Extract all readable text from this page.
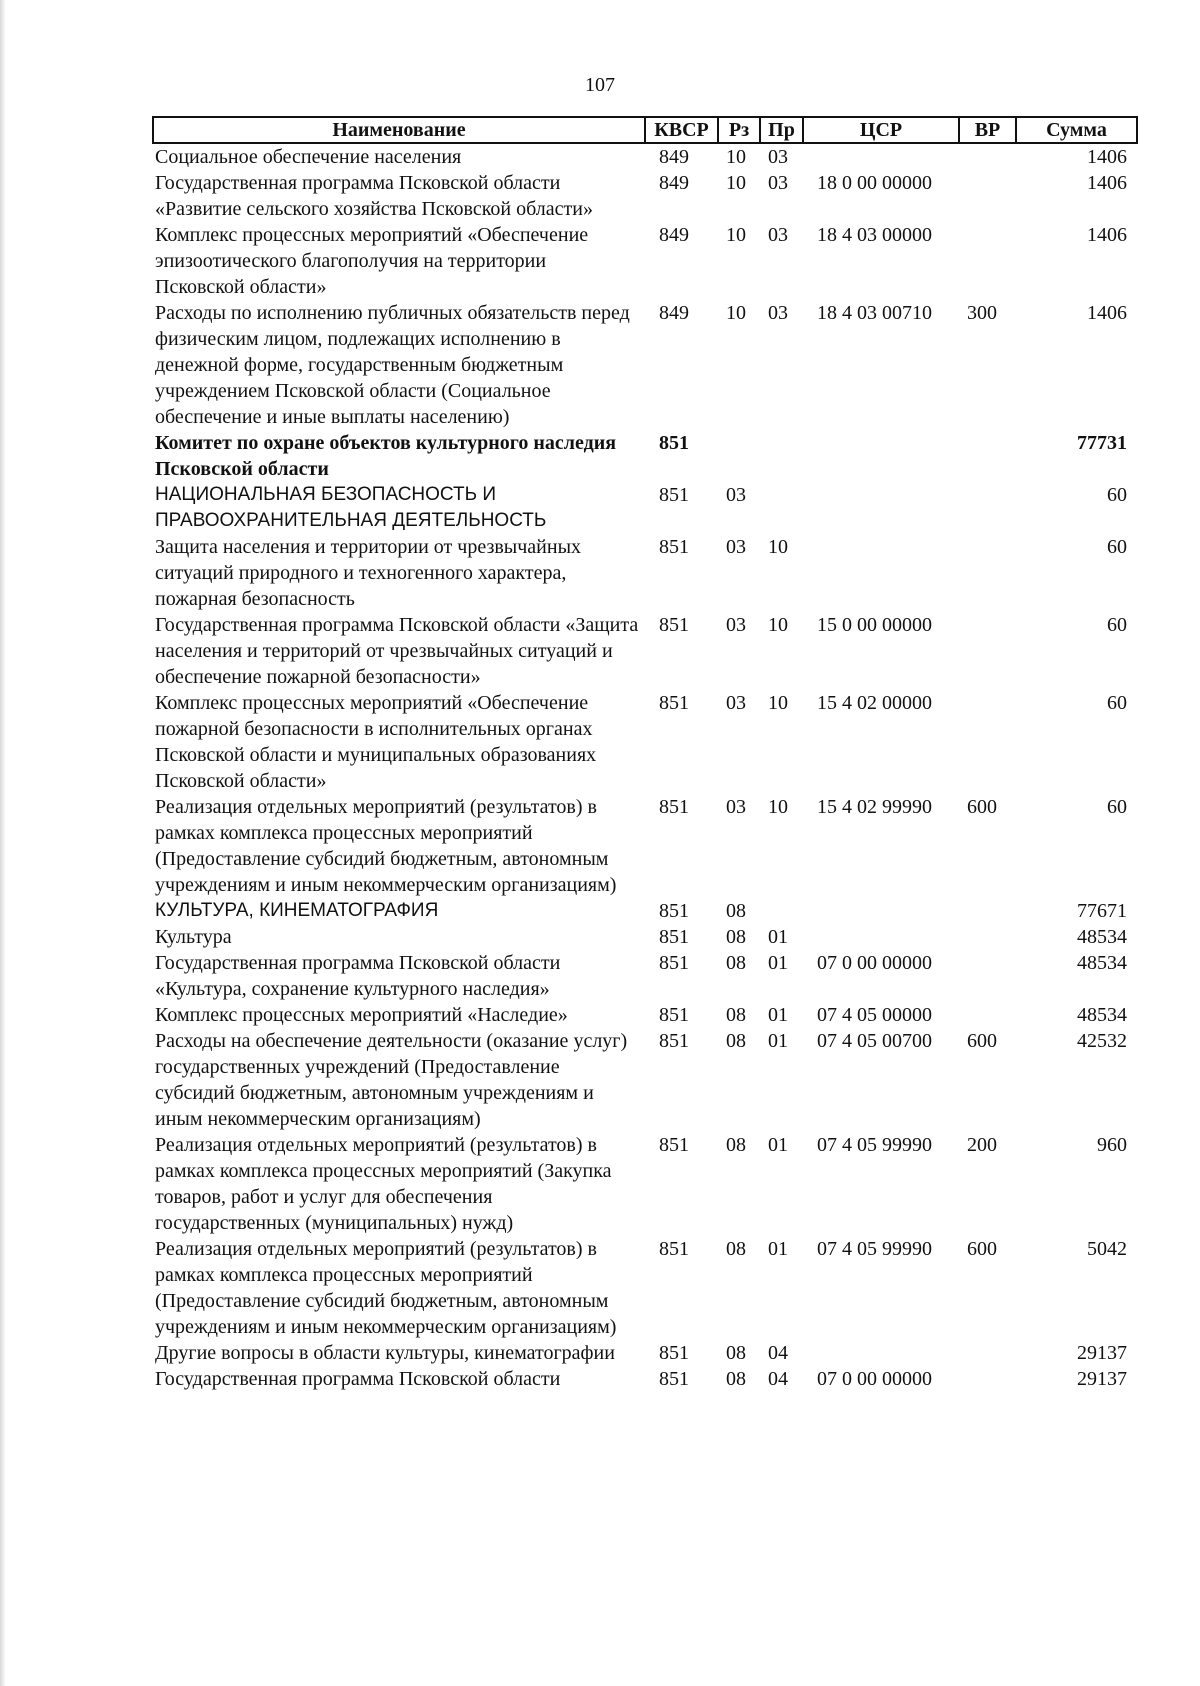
107
Наименование	КВСР	Рз	Пр	ЦСР	ВР	Сумма
Социальное обеспечение населения	849	10	03			1406
Государственная программа Псковской области «Развитие сельского хозяйства Псковской области»	849	10	03	18 0 00 00000		1406
Комплекс процессных мероприятий «Обеспечение эпизоотического благополучия на территории Псковской области»	849	10	03	18 4 03 00000		1406
Расходы по исполнению публичных обязательств перед физическим лицом, подлежащих исполнению в денежной форме, государственным бюджетным учреждением Псковской области (Социальное обеспечение и иные выплаты населению)	849	10	03	18 4 03 00710	300	1406
Комитет по охране объектов культурного наследия Псковской области	851					77731
НАЦИОНАЛЬНАЯ БЕЗОПАСНОСТЬ И ПРАВООХРАНИТЕЛЬНАЯ ДЕЯТЕЛЬНОСТЬ	851	03				60
Защита населения и территории от чрезвычайных ситуаций природного и техногенного характера, пожарная безопасность	851	03	10			60
Государственная программа Псковской области «Защита населения и территорий от чрезвычайных ситуаций и обеспечение пожарной безопасности»	851	03	10	15 0 00 00000		60
Комплекс процессных мероприятий «Обеспечение пожарной безопасности в исполнительных органах Псковской области и муниципальных образованиях Псковской области»	851	03	10	15 4 02 00000		60
Реализация отдельных мероприятий (результатов) в рамках комплекса процессных мероприятий (Предоставление субсидий бюджетным, автономным учреждениям и иным некоммерческим организациям)	851	03	10	15 4 02 99990	600	60
КУЛЬТУРА, КИНЕМАТОГРАФИЯ	851	08				77671
Культура	851	08	01			48534
Государственная программа Псковской области «Культура, сохранение культурного наследия»	851	08	01	07 0 00 00000		48534
Комплекс процессных мероприятий «Наследие»	851	08	01	07 4 05 00000		48534
Расходы на обеспечение деятельности (оказание услуг) государственных учреждений (Предоставление субсидий бюджетным, автономным учреждениям и иным некоммерческим организациям)	851	08	01	07 4 05 00700	600	42532
Реализация отдельных мероприятий (результатов) в рамках комплекса процессных мероприятий (Закупка товаров, работ и услуг для обеспечения государственных (муниципальных) нужд)	851	08	01	07 4 05 99990	200	960
Реализация отдельных мероприятий (результатов) в рамках комплекса процессных мероприятий (Предоставление субсидий бюджетным, автономным учреждениям и иным некоммерческим организациям)	851	08	01	07 4 05 99990	600	5042
Другие вопросы в области культуры, кинематографии	851	08	04			29137
Государственная программа Псковской области	851	08	04	07 0 00 00000		29137
